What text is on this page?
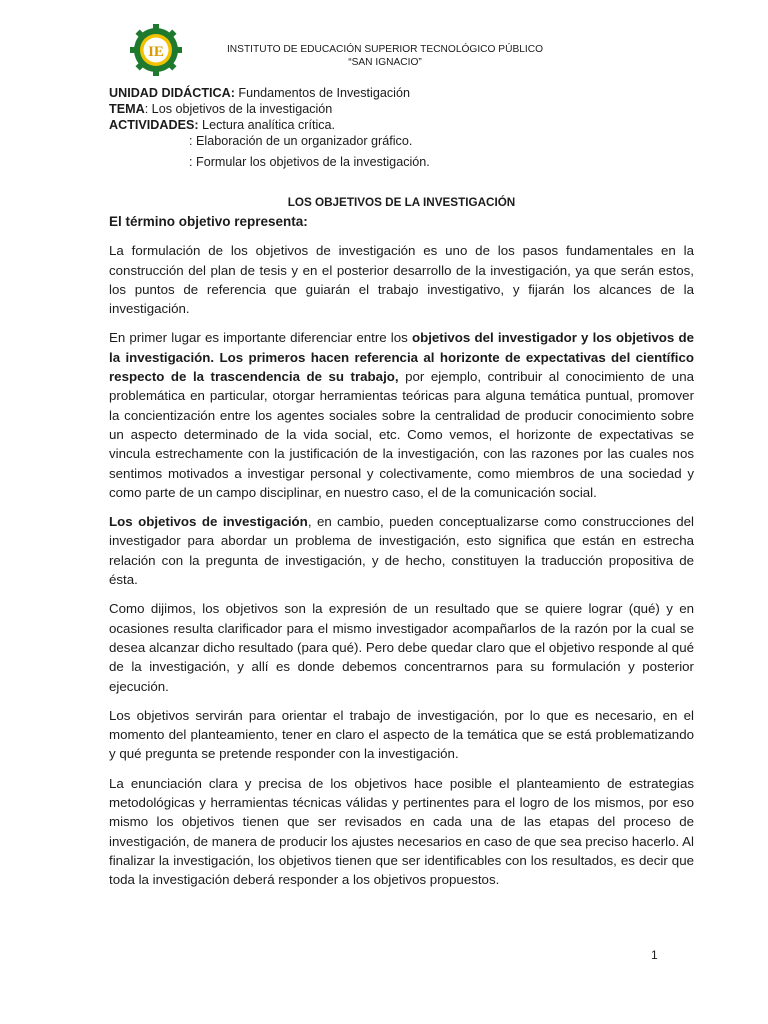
IE	INSTITUTO DE EDUCACIÓN SUPERIOR TECNOLÓGICO PÚBLICO
“SAN IGNACIO”
UNIDAD DIDÁCTICA: Fundamentos de Investigación
TEMA: Los objetivos de la investigación
ACTIVIDADES: Lectura analítica crítica.
: Elaboración de un organizador gráfico.
: Formular los objetivos de la investigación.
LOS OBJETIVOS DE LA INVESTIGACIÓN
El término objetivo representa:

La formulación de los objetivos de investigación es uno de los pasos fundamentales en la construcción del plan de tesis y en el posterior desarrollo de la investigación, ya que serán estos, los puntos de referencia que guiarán el trabajo investigativo, y fijarán los alcances de la investigación.

En primer lugar es importante diferenciar entre los objetivos del investigador y los objetivos de la investigación. Los primeros hacen referencia al horizonte de expectativas del científico respecto de la trascendencia de su trabajo, por ejemplo, contribuir al conocimiento de una problemática en particular, otorgar herramientas teóricas para alguna temática puntual, promover la concientización entre los agentes sociales sobre la centralidad de producir conocimiento sobre un aspecto determinado de la vida social, etc. Como vemos, el horizonte de expectativas se vincula estrechamente con la justificación de la investigación, con las razones por las cuales nos sentimos motivados a investigar personal y colectivamente, como miembros de una sociedad y como parte de un campo disciplinar, en nuestro caso, el de la comunicación social.

Los objetivos de investigación, en cambio, pueden conceptualizarse como construcciones del investigador para abordar un problema de investigación, esto significa que están en estrecha relación con la pregunta de investigación, y de hecho, constituyen la traducción propositiva de ésta.

Como dijimos, los objetivos son la expresión de un resultado que se quiere lograr (qué) y en ocasiones resulta clarificador para el mismo investigador acompañarlos de la razón por la cual se desea alcanzar dicho resultado (para qué). Pero debe quedar claro que el objetivo responde al qué de la investigación, y allí es donde debemos concentrarnos para su formulación y posterior ejecución.

Los objetivos servirán para orientar el trabajo de investigación, por lo que es necesario, en el momento del planteamiento, tener en claro el aspecto de la temática que se está problematizando y qué pregunta se pretende responder con la investigación.

La enunciación clara y precisa de los objetivos hace posible el planteamiento de estrategias metodológicas y herramientas técnicas válidas y pertinentes para el logro de los mismos, por eso mismo los objetivos tienen que ser revisados en cada una de las etapas del proceso de investigación, de manera de producir los ajustes necesarios en caso de que sea preciso hacerlo. Al finalizar la investigación, los objetivos tienen que ser identificables con los resultados, es decir que toda la investigación deberá responder a los objetivos propuestos.

1
